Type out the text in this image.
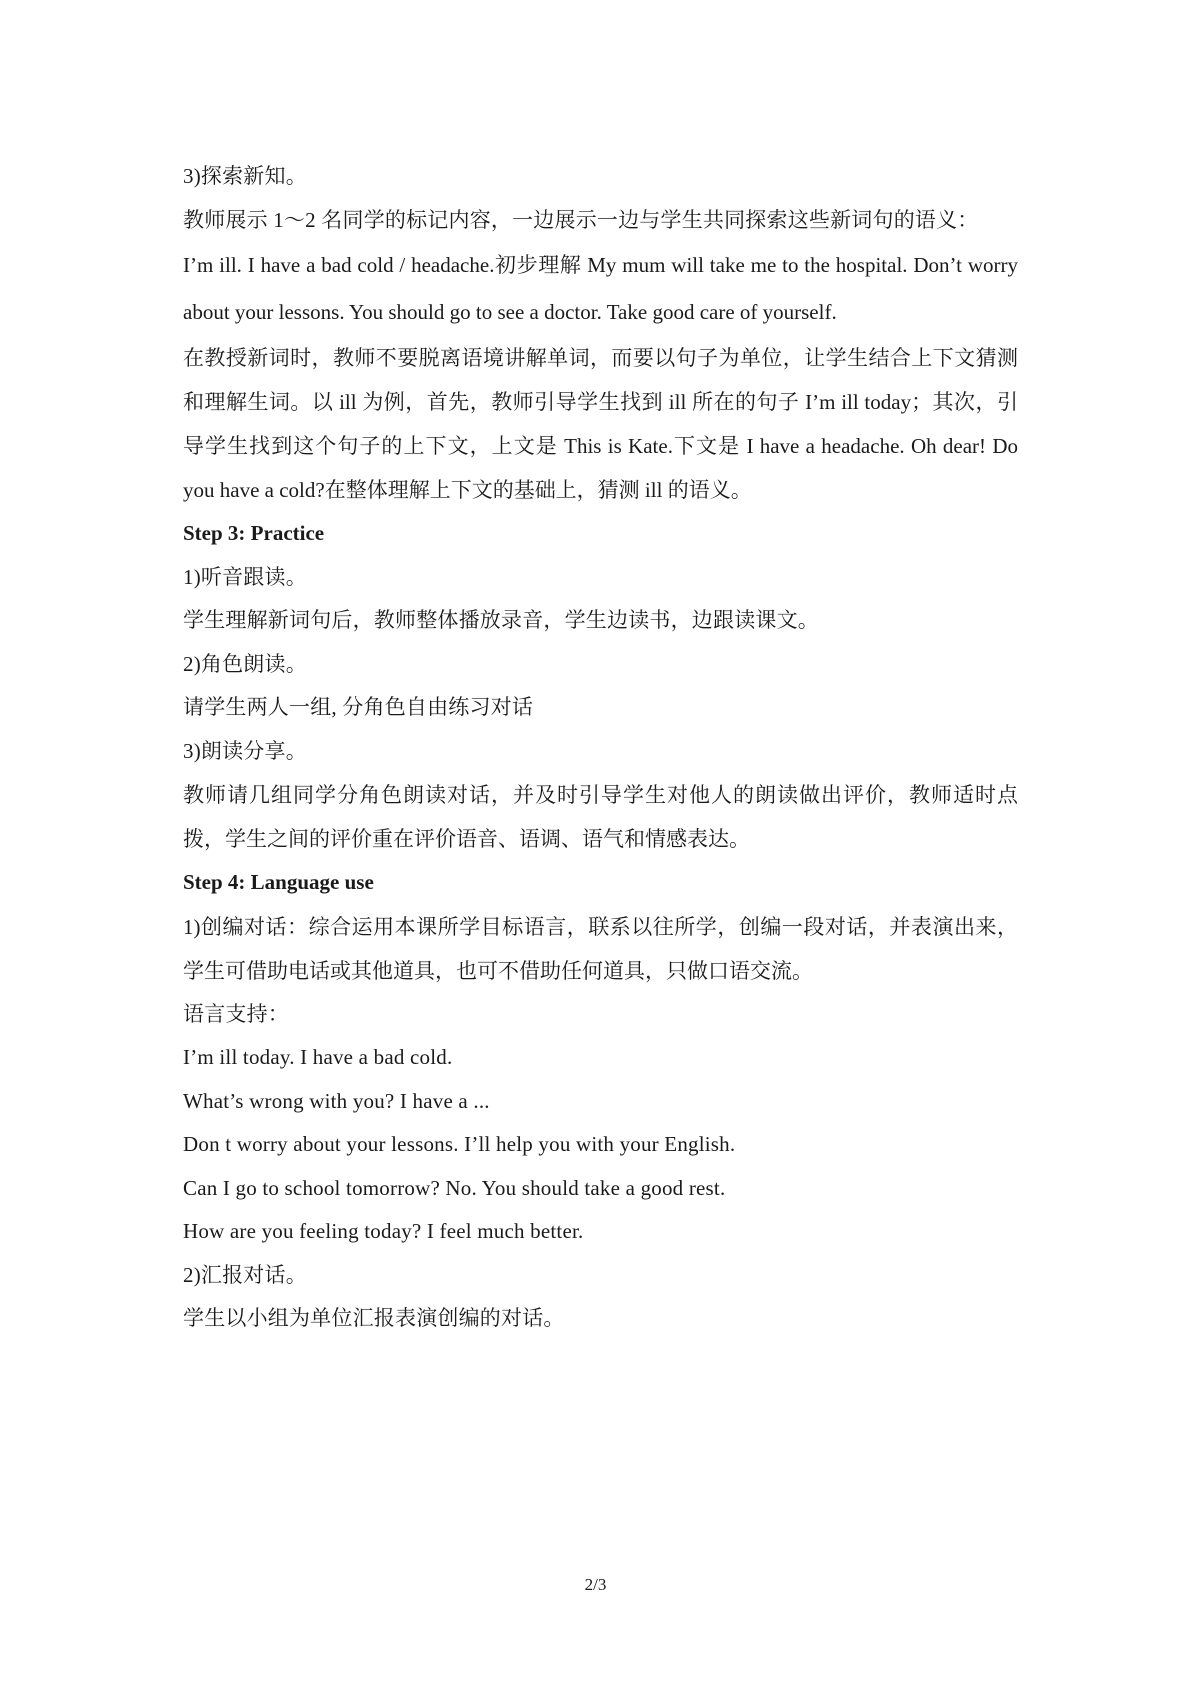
3)探索新知。
教师展示 1～2 名同学的标记内容，一边展示一边与学生共同探索这些新词句的语义：
I’m ill. I have a bad cold / headache.初步理解 My mum will take me to the hospital. Don’t worry about your lessons. You should go to see a doctor. Take good care of yourself.
在教授新词时，教师不要脱离语境讲解单词，而要以句子为单位，让学生结合上下文猜测和理解生词。以 ill 为例，首先，教师引导学生找到 ill 所在的句子 I’m ill today；其次，引导学生找到这个句子的上下文，上文是 This is Kate.下文是 I have a headache. Oh dear! Do you have a cold?在整体理解上下文的基础上，猜测 ill 的语义。
Step 3: Practice
1)听音跟读。
学生理解新词句后，教师整体播放录音，学生边读书，边跟读课文。
2)角色朗读。
请学生两人一组, 分角色自由练习对话
3)朗读分享。
教师请几组同学分角色朗读对话，并及时引导学生对他人的朗读做出评价，教师适时点拨，学生之间的评价重在评价语音、语调、语气和情感表达。
Step 4: Language use
1)创编对话：综合运用本课所学目标语言，联系以往所学，创编一段对话，并表演出来，学生可借助电话或其他道具，也可不借助任何道具，只做口语交流。
语言支持：
I’m ill today. I have a bad cold.
What’s wrong with you? I have a ...
Don t worry about your lessons. I’ll help you with your English.
Can I go to school tomorrow? No. You should take a good rest.
How are you feeling today? I feel much better.
2)汇报对话。
学生以小组为单位汇报表演创编的对话。
2/3
